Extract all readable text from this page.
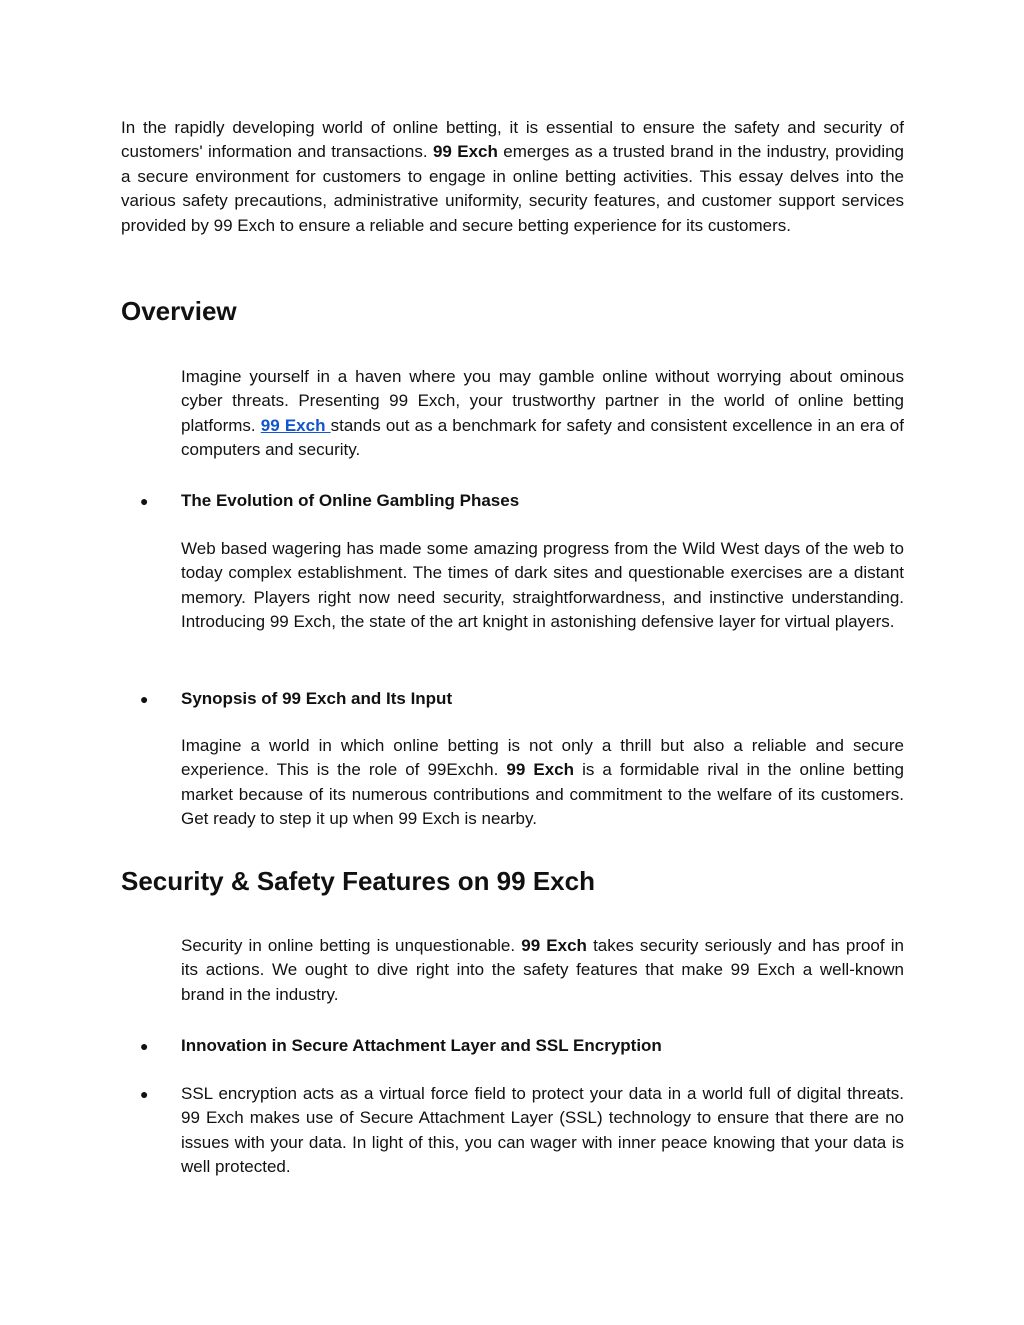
In the rapidly developing world of online betting, it is essential to ensure the safety and security of customers' information and transactions. 99 Exch emerges as a trusted brand in the industry, providing a secure environment for customers to engage in online betting activities. This essay delves into the various safety precautions, administrative uniformity, security features, and customer support services provided by 99 Exch to ensure a reliable and secure betting experience for its customers.

Overview

Imagine yourself in a haven where you may gamble online without worrying about ominous cyber threats. Presenting 99 Exch, your trustworthy partner in the world of online betting platforms. 99 Exch stands out as a benchmark for safety and consistent excellence in an era of computers and security.

●	The Evolution of Online Gambling Phases

Web based wagering has made some amazing progress from the Wild West days of the web to today complex establishment. The times of dark sites and questionable exercises are a distant memory. Players right now need security, straightforwardness, and instinctive understanding. Introducing 99 Exch, the state of the art knight in astonishing defensive layer for virtual players.

●	Synopsis of 99 Exch and Its Input

Imagine a world in which online betting is not only a thrill but also a reliable and secure experience. This is the role of 99Exchh. 99 Exch is a formidable rival in the online betting market because of its numerous contributions and commitment to the welfare of its customers. Get ready to step it up when 99 Exch is nearby.

Security & Safety Features on 99 Exch

Security in online betting is unquestionable. 99 Exch takes security seriously and has proof in its actions. We ought to dive right into the safety features that make 99 Exch a well-known brand in the industry.

●	Innovation in Secure Attachment Layer and SSL Encryption
●	SSL encryption acts as a virtual force field to protect your data in a world full of digital threats. 99 Exch makes use of Secure Attachment Layer (SSL) technology to ensure that there are no issues with your data. In light of this, you can wager with inner peace knowing that your data is well protected.
